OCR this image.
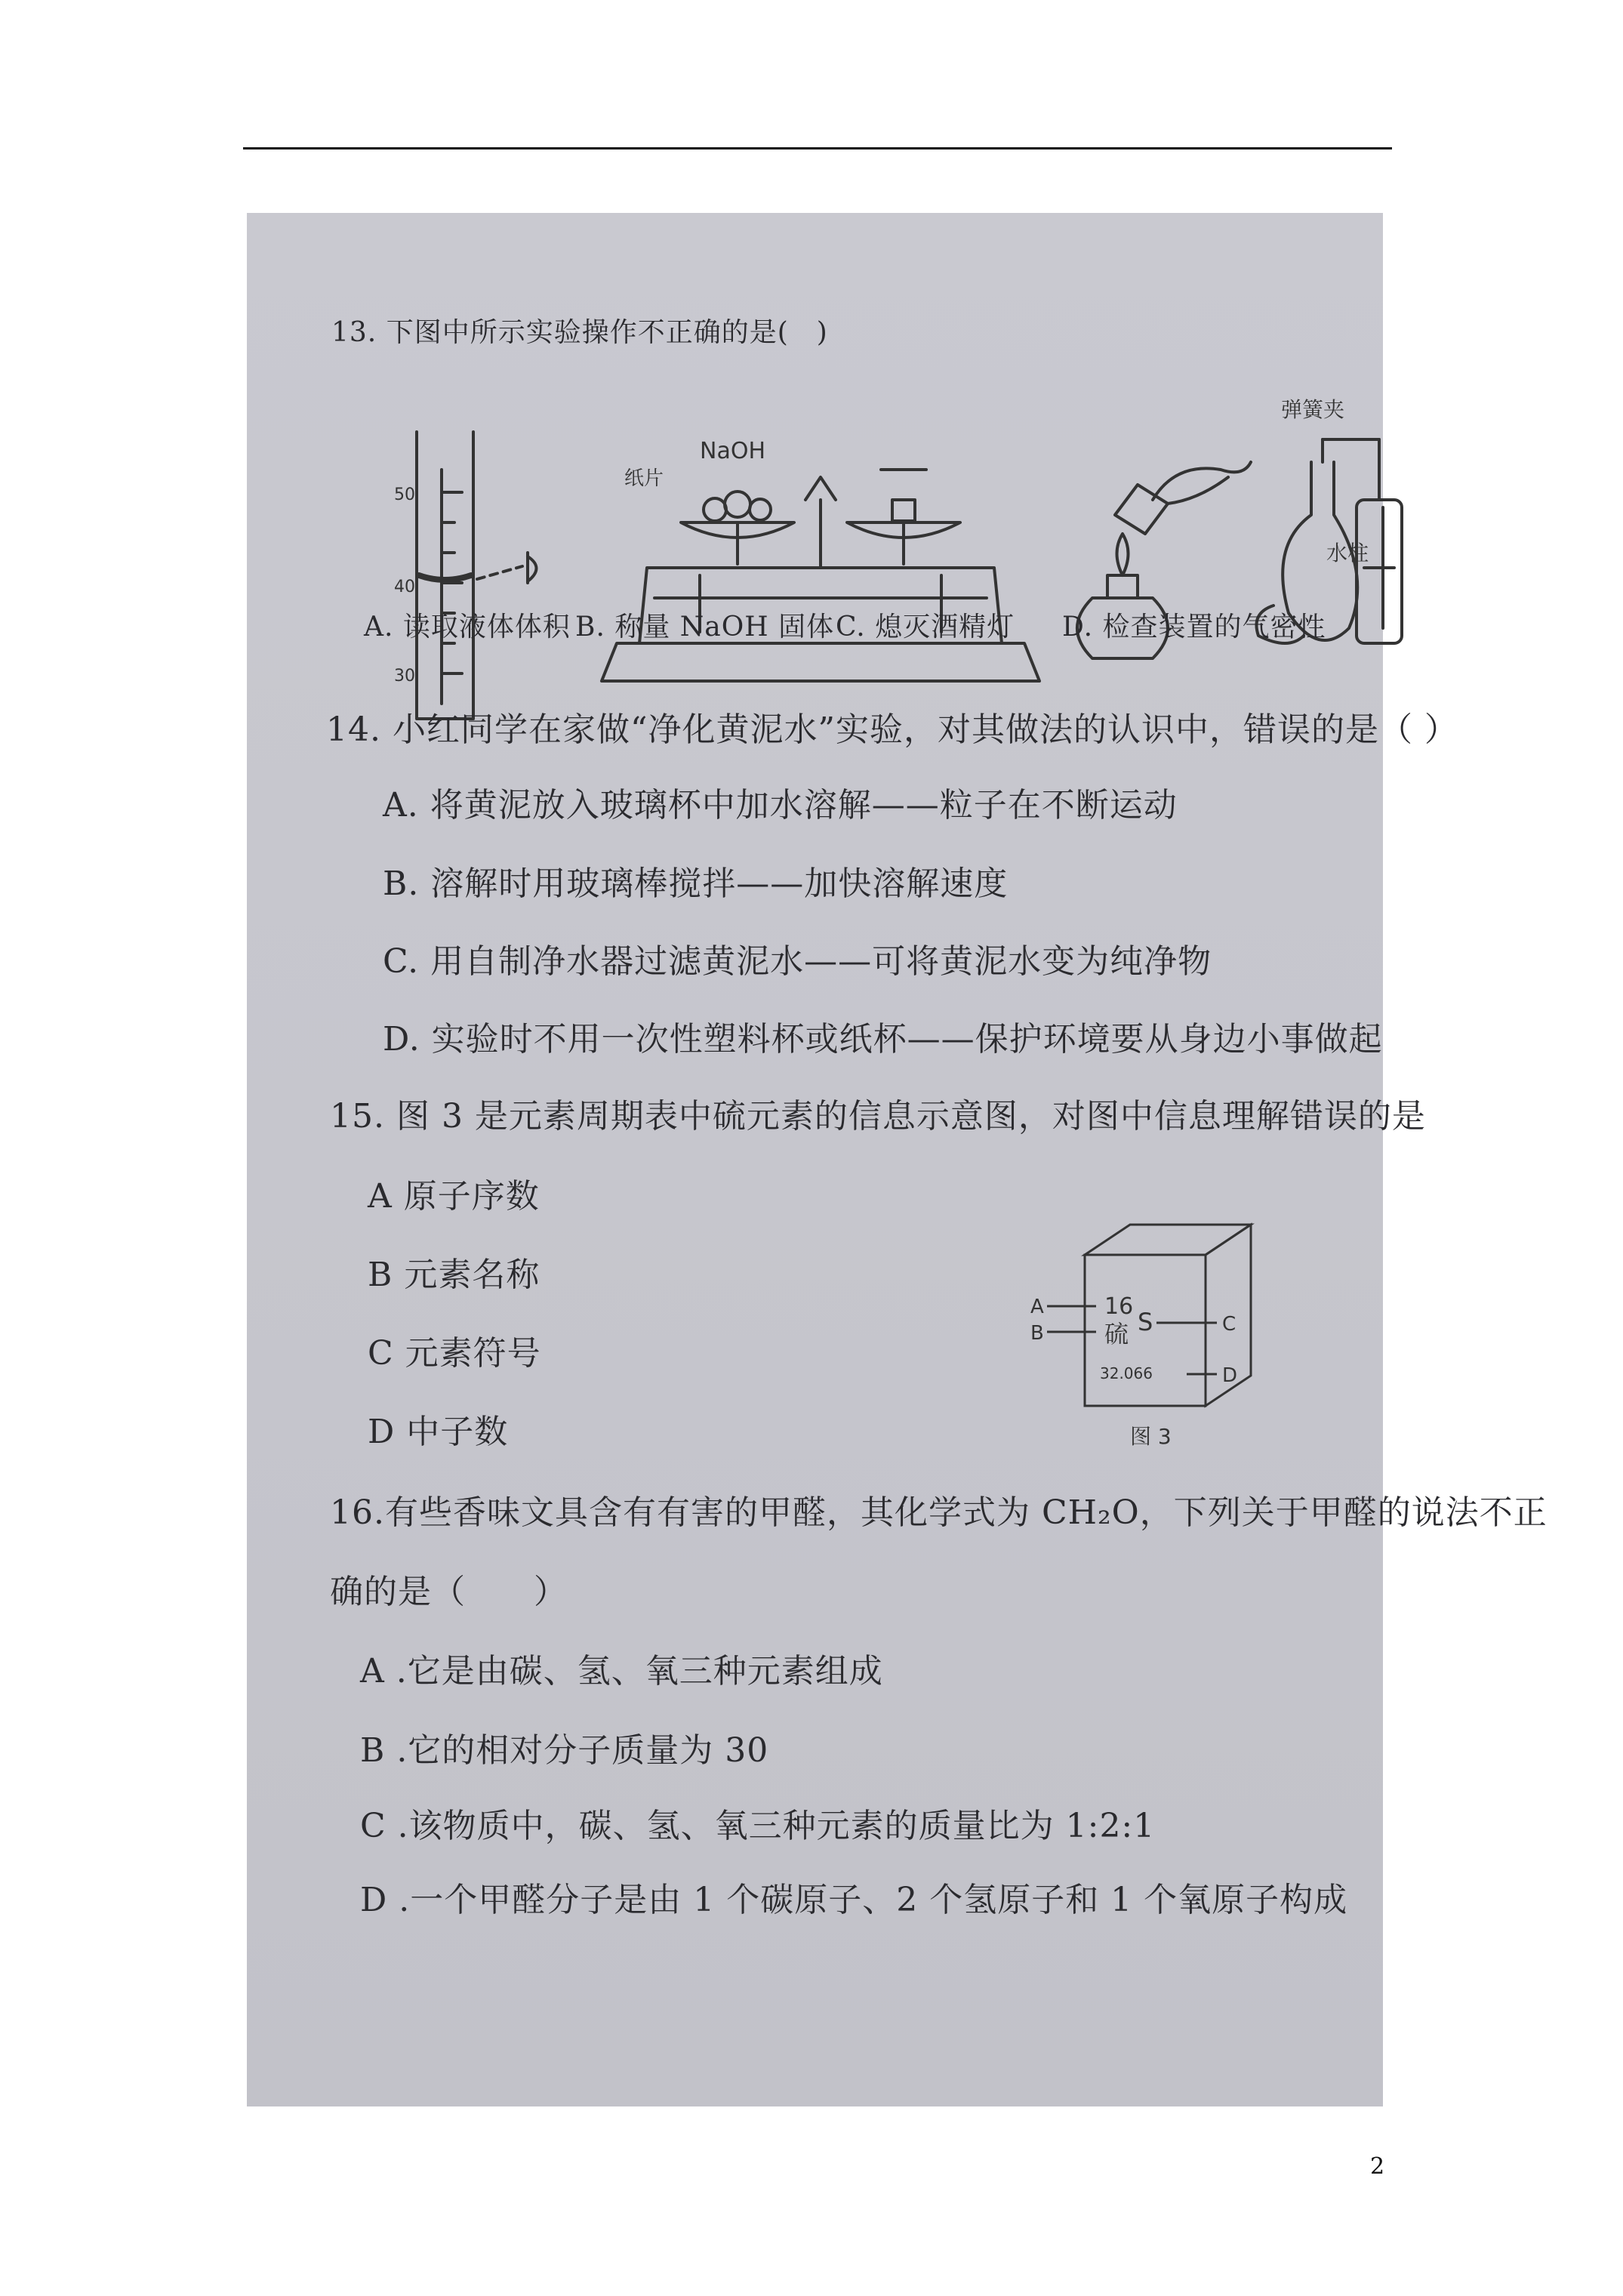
13. 下图中所示实验操作不正确的是(　)
50
40
30
NaOH
纸片
弹簧夹
水柱
A. 读取液体体积 B. 称量 NaOH 固体 C. 熄灭酒精灯 D. 检查装置的气密性
14. 小红同学在家做“净化黄泥水”实验，对其做法的认识中，错误的是（ ）
A. 将黄泥放入玻璃杯中加水溶解——粒子在不断运动
B. 溶解时用玻璃棒搅拌——加快溶解速度
C. 用自制净水器过滤黄泥水——可将黄泥水变为纯净物
D. 实验时不用一次性塑料杯或纸杯——保护环境要从身边小事做起
15. 图 3 是元素周期表中硫元素的信息示意图，对图中信息理解错误的是
A 原子序数
B 元素名称
C 元素符号
D 中子数
A
B
16
硫 S
32.066
C
D
图 3
16.有些香味文具含有有害的甲醛，其化学式为 CH₂O，下列关于甲醛的说法不正
确的是（　　）
A .它是由碳、氢、氧三种元素组成
B .它的相对分子质量为 30
C .该物质中，碳、氢、氧三种元素的质量比为 1:2:1
D .一个甲醛分子是由 1 个碳原子、2 个氢原子和 1 个氧原子构成
2
